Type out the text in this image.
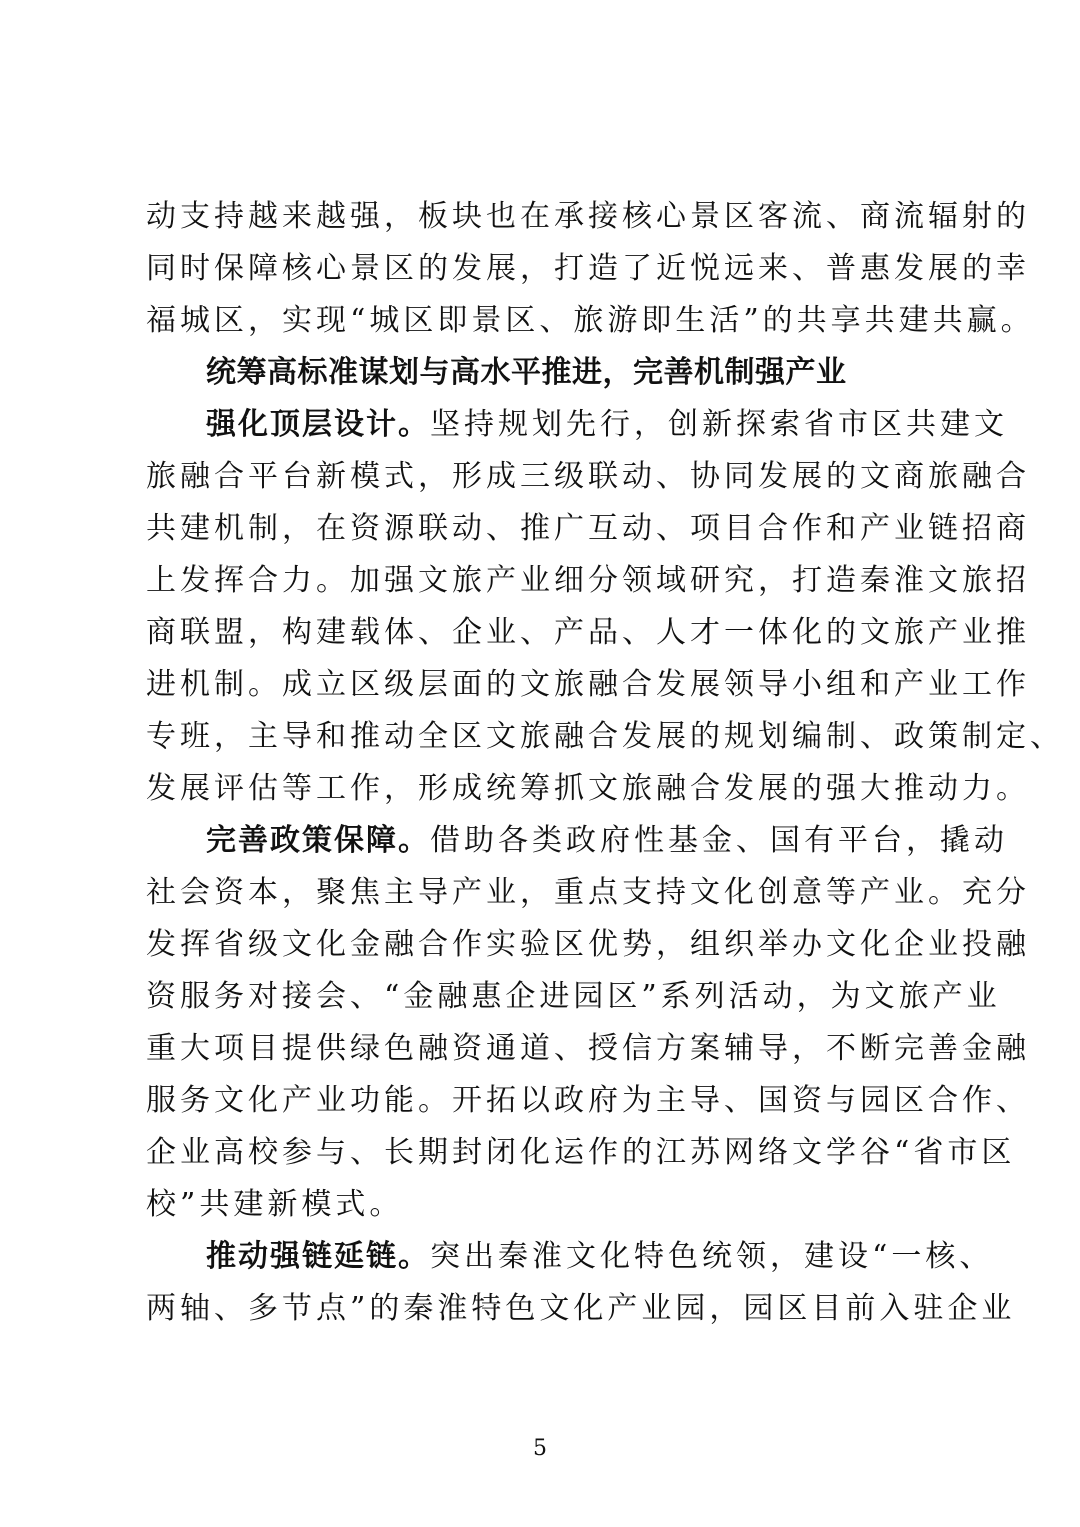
动支持越来越强，板块也在承接核心景区客流、商流辐射的
同时保障核心景区的发展，打造了近悦远来、普惠发展的幸
福城区，实现“城区即景区、旅游即生活”的共享共建共赢。
统筹高标准谋划与高水平推进，完善机制强产业
强化顶层设计。坚持规划先行，创新探索省市区共建文
旅融合平台新模式，形成三级联动、协同发展的文商旅融合
共建机制，在资源联动、推广互动、项目合作和产业链招商
上发挥合力。加强文旅产业细分领域研究，打造秦淮文旅招
商联盟，构建载体、企业、产品、人才一体化的文旅产业推
进机制。成立区级层面的文旅融合发展领导小组和产业工作
专班，主导和推动全区文旅融合发展的规划编制、政策制定、
发展评估等工作，形成统筹抓文旅融合发展的强大推动力。
完善政策保障。借助各类政府性基金、国有平台，撬动
社会资本，聚焦主导产业，重点支持文化创意等产业。充分
发挥省级文化金融合作实验区优势，组织举办文化企业投融
资服务对接会、“金融惠企进园区”系列活动，为文旅产业
重大项目提供绿色融资通道、授信方案辅导，不断完善金融
服务文化产业功能。开拓以政府为主导、国资与园区合作、
企业高校参与、长期封闭化运作的江苏网络文学谷“省市区
校”共建新模式。
推动强链延链。突出秦淮文化特色统领，建设“一核、
两轴、多节点”的秦淮特色文化产业园，园区目前入驻企业
5
